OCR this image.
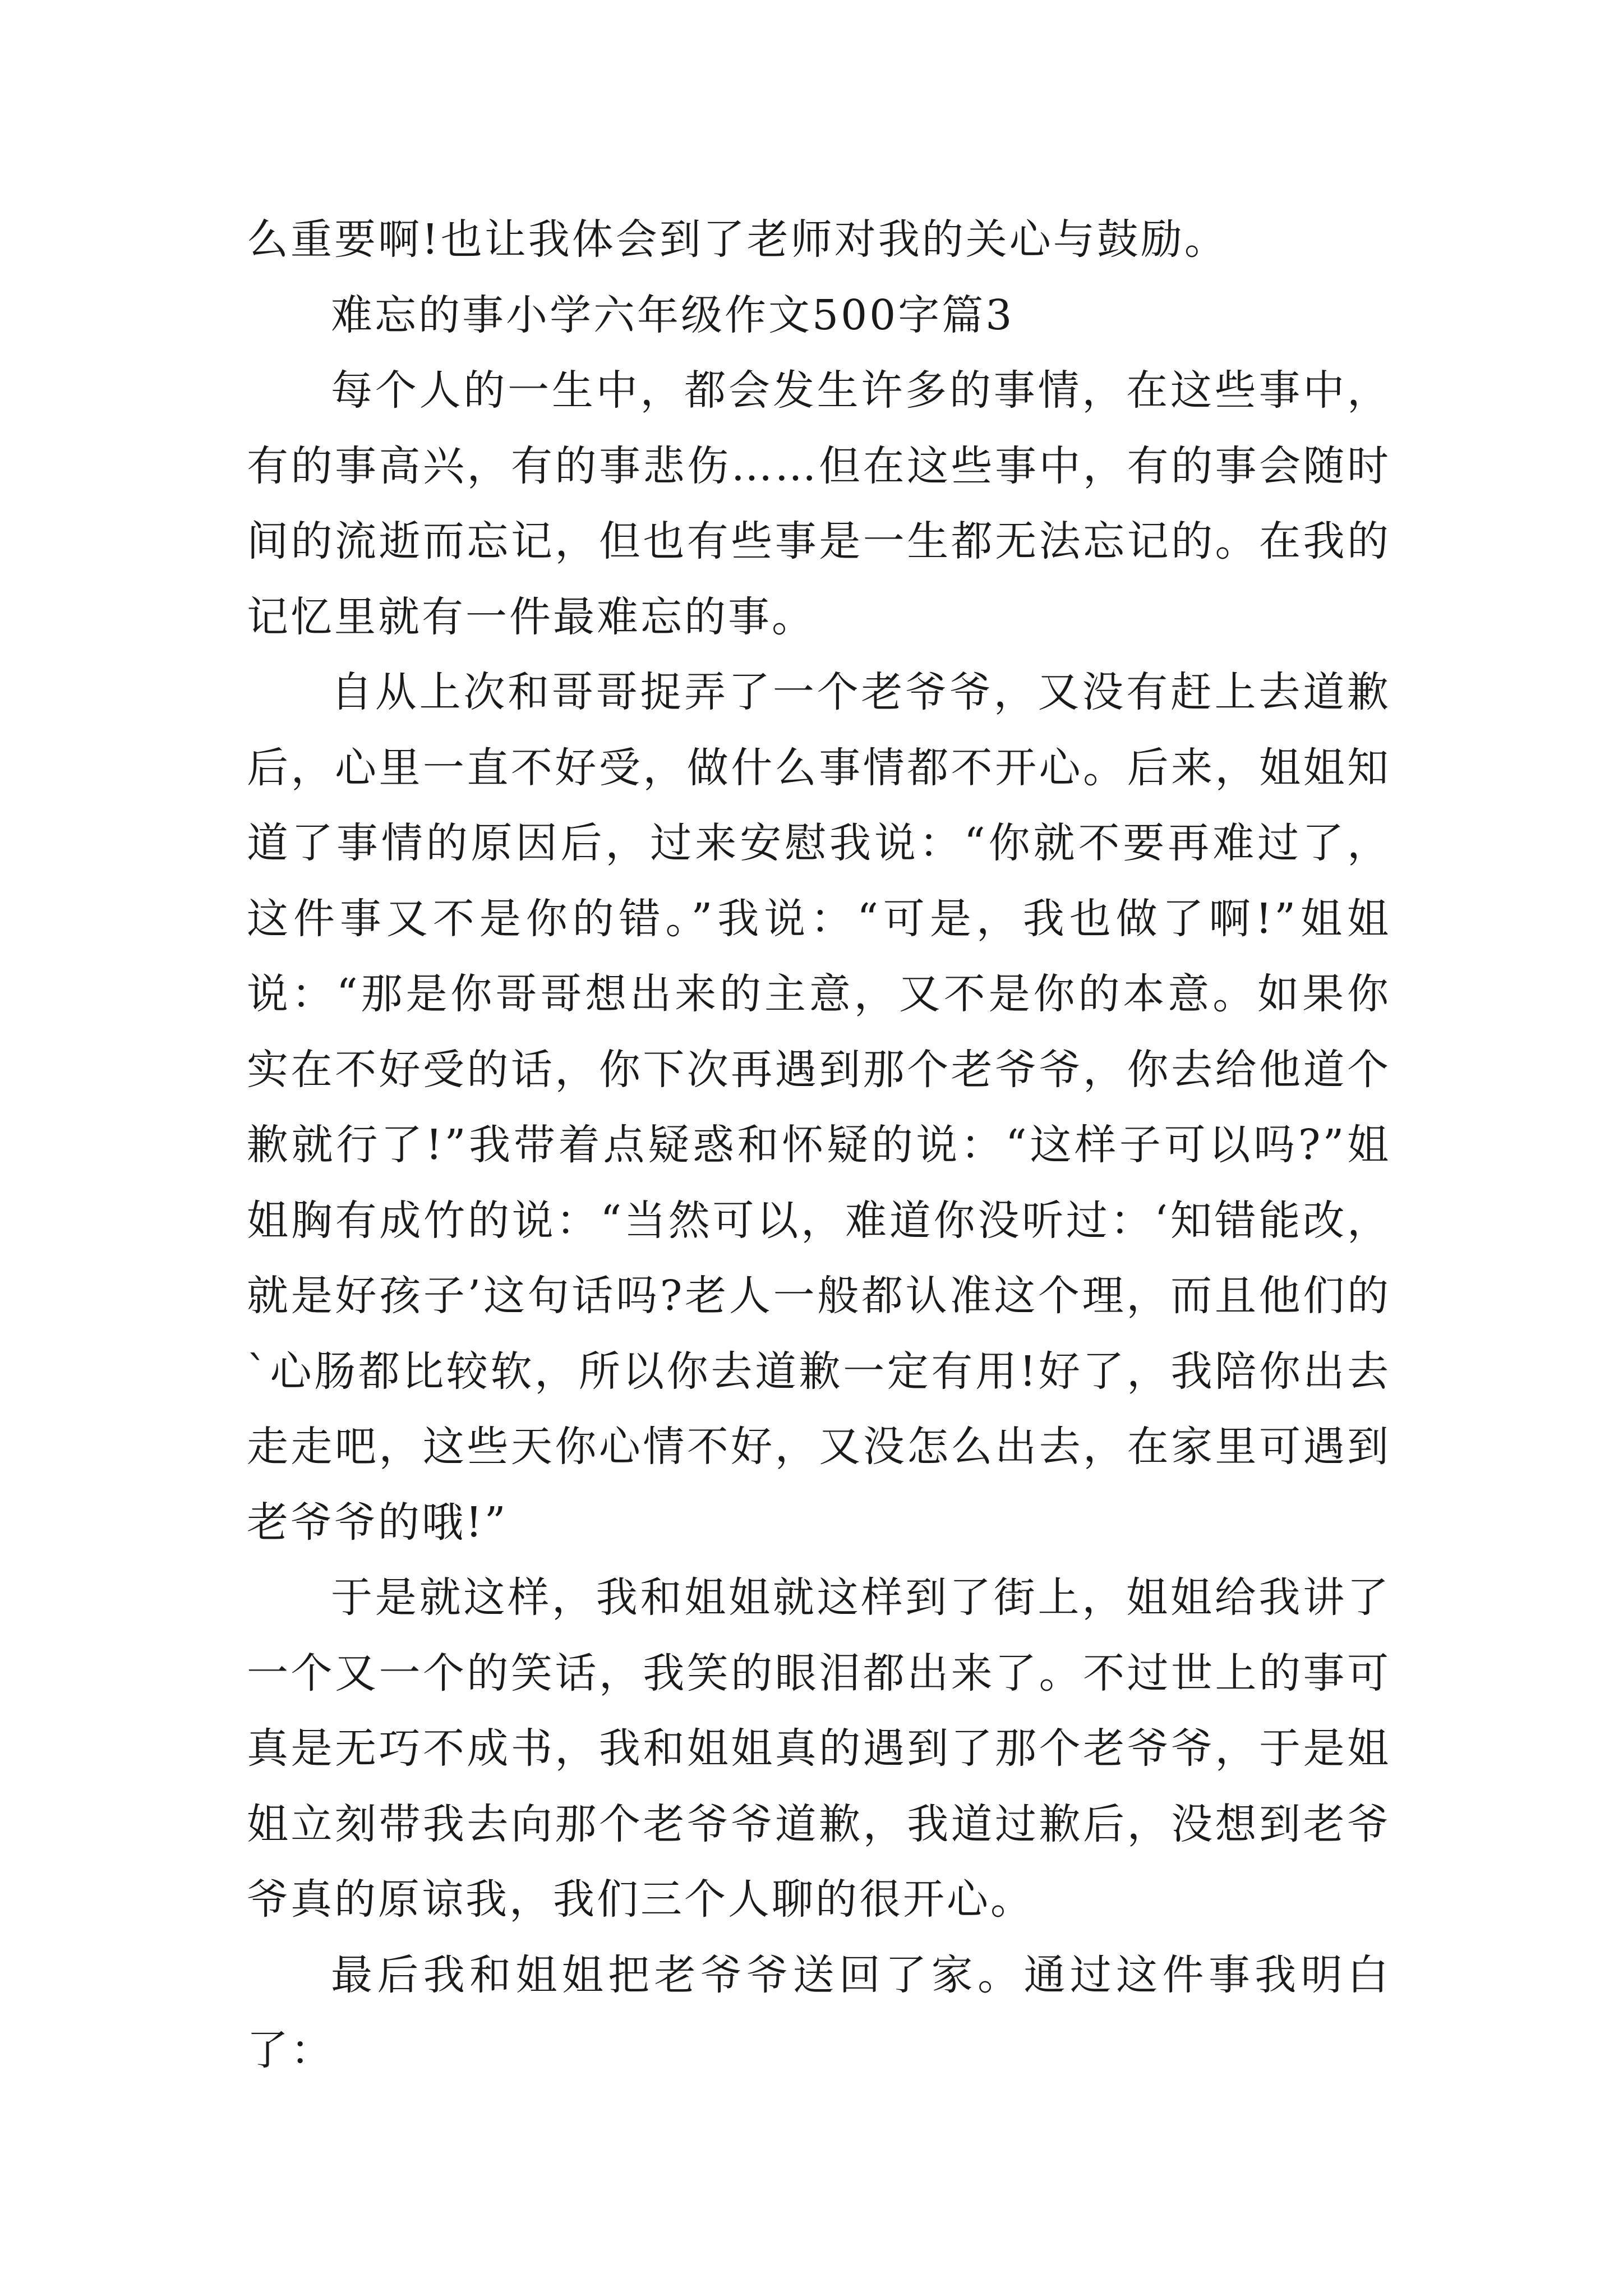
么重要啊!也让我体会到了老师对我的关心与鼓励。

难忘的事小学六年级作文500字篇3

每个人的一生中，都会发生许多的事情，在这些事中，有的事高兴，有的事悲伤……但在这些事中，有的事会随时间的流逝而忘记，但也有些事是一生都无法忘记的。在我的记忆里就有一件最难忘的事。

自从上次和哥哥捉弄了一个老爷爷，又没有赶上去道歉后，心里一直不好受，做什么事情都不开心。后来，姐姐知道了事情的原因后，过来安慰我说：“你就不要再难过了，这件事又不是你的错。”我说：“可是，我也做了啊!”姐姐说：“那是你哥哥想出来的主意，又不是你的本意。如果你实在不好受的话，你下次再遇到那个老爷爷，你去给他道个歉就行了!”我带着点疑惑和怀疑的说：“这样子可以吗?”姐姐胸有成竹的说：“当然可以，难道你没听过：‘知错能改，就是好孩子’这句话吗?老人一般都认准这个理，而且他们的`心肠都比较软，所以你去道歉一定有用!好了，我陪你出去走走吧，这些天你心情不好，又没怎么出去，在家里可遇到老爷爷的哦!”

于是就这样，我和姐姐就这样到了街上，姐姐给我讲了一个又一个的笑话，我笑的眼泪都出来了。不过世上的事可真是无巧不成书，我和姐姐真的遇到了那个老爷爷，于是姐姐立刻带我去向那个老爷爷道歉，我道过歉后，没想到老爷爷真的原谅我，我们三个人聊的很开心。

最后我和姐姐把老爷爷送回了家。通过这件事我明白了：
